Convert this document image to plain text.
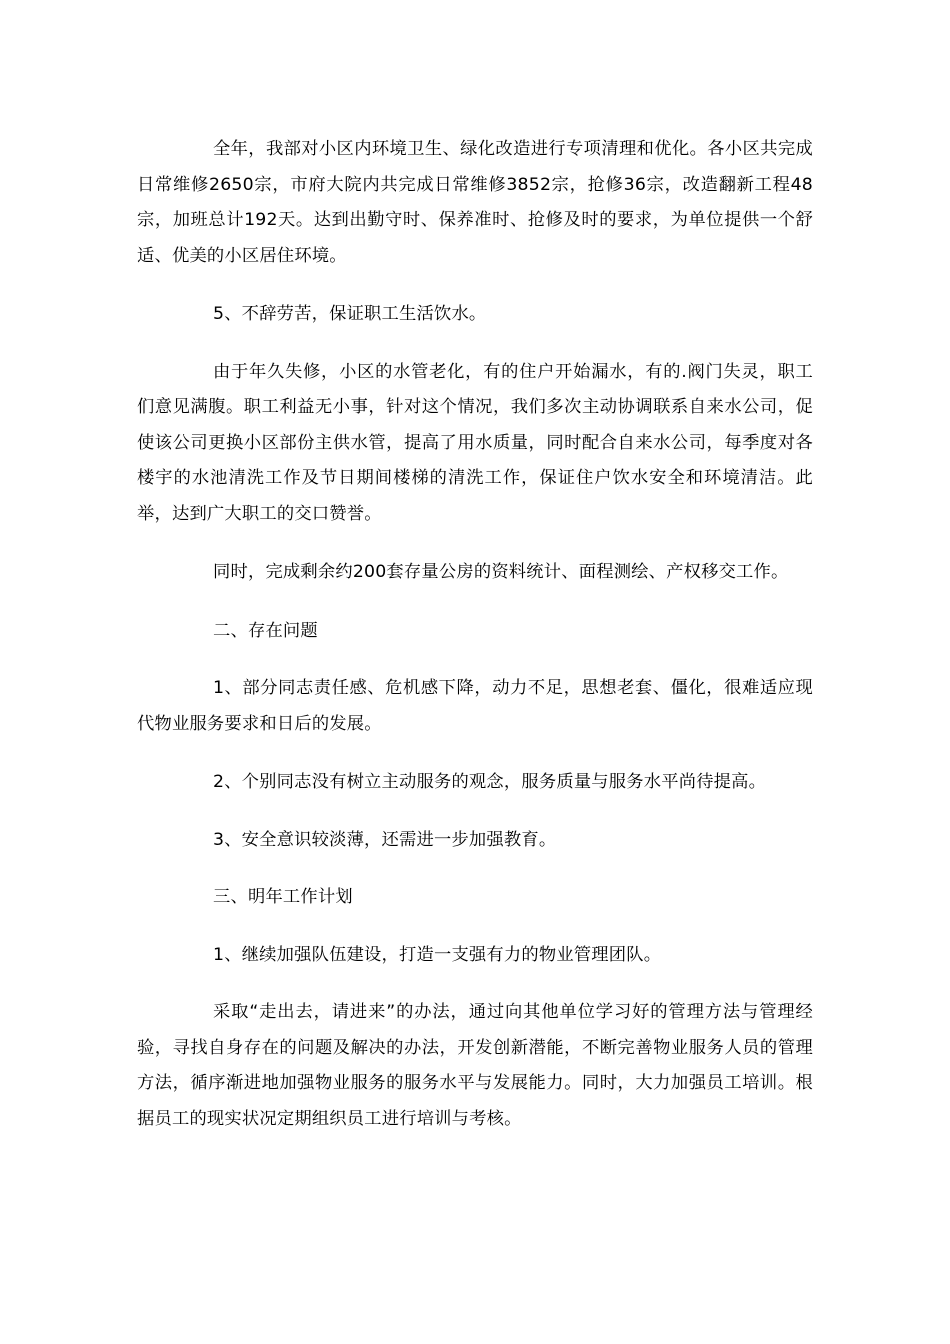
全年，我部对小区内环境卫生、绿化改造进行专项清理和优化。各小区共完成日常维修2650宗，市府大院内共完成日常维修3852宗，抢修36宗，改造翻新工程48宗，加班总计192天。达到出勤守时、保养准时、抢修及时的要求，为单位提供一个舒适、优美的小区居住环境。

5、不辞劳苦，保证职工生活饮水。

由于年久失修，小区的水管老化，有的住户开始漏水，有的.阀门失灵，职工们意见满腹。职工利益无小事，针对这个情况，我们多次主动协调联系自来水公司，促使该公司更换小区部份主供水管，提高了用水质量，同时配合自来水公司，每季度对各楼宇的水池清洗工作及节日期间楼梯的清洗工作，保证住户饮水安全和环境清洁。此举，达到广大职工的交口赞誉。

同时，完成剩余约200套存量公房的资料统计、面程测绘、产权移交工作。

二、存在问题

1、部分同志责任感、危机感下降，动力不足，思想老套、僵化，很难适应现代物业服务要求和日后的发展。

2、个别同志没有树立主动服务的观念，服务质量与服务水平尚待提高。

3、安全意识较淡薄，还需进一步加强教育。

三、明年工作计划

1、继续加强队伍建设，打造一支强有力的物业管理团队。

采取“走出去，请进来”的办法，通过向其他单位学习好的管理方法与管理经验，寻找自身存在的问题及解决的办法，开发创新潜能，不断完善物业服务人员的管理方法，循序渐进地加强物业服务的服务水平与发展能力。同时，大力加强员工培训。根据员工的现实状况定期组织员工进行培训与考核。
